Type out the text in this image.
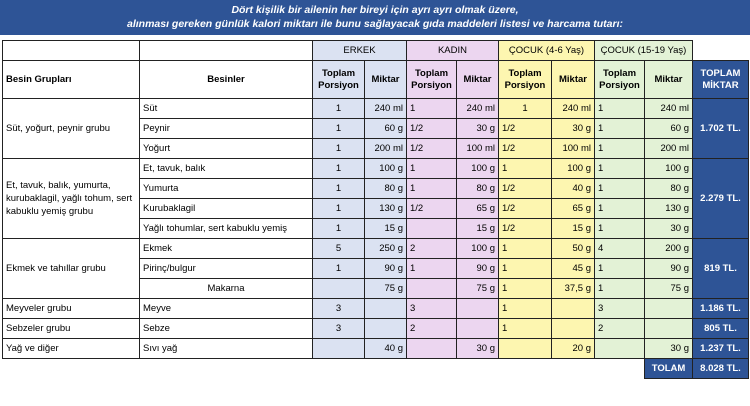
Dört kişilik bir ailenin her bireyi için ayrı ayrı olmak üzere,
alınması gereken günlük kalori miktarı ile bunu sağlayacak gıda maddeleri listesi ve harcama tutarı:
		ERKEK		KADIN		ÇOCUK (4-6 Yaş)		ÇOCUK (15-19 Yaş)		
Besin Grupları	Besinler	Toplam Porsiyon	Miktar	Toplam Porsiyon	Miktar	Toplam Porsiyon	Miktar	Toplam Porsiyon	Miktar	TOPLAM MİKTAR
Süt, yoğurt, peynir grubu	Süt	1	240 ml	1	240 ml	1	240 ml	1	240 ml	1.702 TL.
	Peynir	1	60 g	1/2	30 g	1/2	30 g	1	60 g	
	Yoğurt	1	200 ml	1/2	100 ml	1/2	100 ml	1	200 ml	
Et, tavuk, balık, yumurta, kurubaklagil, yağlı tohum, sert kabuklu yemiş grubu	Et, tavuk, balık	1	100 g	1	100 g	1	100 g	1	100 g	2.279 TL.
	Yumurta	1	80 g	1	80 g	1/2	40 g	1	80 g	
	Kurubaklagil	1	130 g	1/2	65 g	1/2	65 g	1	130 g	
	Yağlı tohumlar, sert kabuklu yemiş	1	15 g		15 g	1/2	15 g	1	30 g	
Ekmek ve tahıllar grubu	Ekmek	5	250 g	2	100 g	1	50 g	4	200 g	819 TL.
	Pirinç/bulgur	1	90 g	1	90 g	1	45 g	1	90 g	
	Makarna		75 g		75 g	1	37,5 g	1	75 g	
Meyveler grubu	Meyve	3		3		1		3		1.186 TL.
Sebzeler grubu	Sebze	3		2		1		2		805 TL.
Yağ ve diğer	Sıvı yağ		40 g		30 g		20 g		30 g	1.237 TL.
									TOLAM	8.028 TL.
